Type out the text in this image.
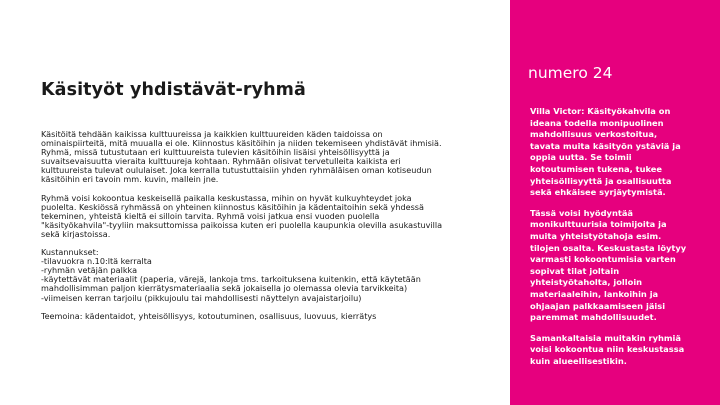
Käsityöt yhdistävät-ryhmä

Käsitöitä tehdään kaikissa kulttuureissa ja kaikkien kulttuureiden käden taidoissa on
ominaispiirteitä, mitä muualla ei ole. Kiinnostus käsitöihin ja niiden tekemiseen yhdistävät ihmisiä.
Ryhmä, missä tutustutaan eri kulttuureista tulevien käsitöihin lisäisi yhteisöllisyyttä ja
suvaitsevaisuutta vieraita kulttuureja kohtaan. Ryhmään olisivat tervetulleita kaikista eri
kulttuureista tulevat oululaiset. Joka kerralla tutustuttaisiin yhden ryhmäläisen oman kotiseudun
käsitöihin eri tavoin mm. kuvin, mallein jne.

Ryhmä voisi kokoontua keskeisellä paikalla keskustassa, mihin on hyvät kulkuyhteydet joka
puolelta. Keskiössä ryhmässä on yhteinen kiinnostus käsitöihin ja kädentaitoihin sekä yhdessä
tekeminen, yhteistä kieltä ei silloin tarvita. Ryhmä voisi jatkua ensi vuoden puolella
"käsityökahvila"-tyyliin maksuttomissa paikoissa kuten eri puolella kaupunkia olevilla asukastuvilla
sekä kirjastoissa.

Kustannukset:
-tilavuokra n.10:ltä kerralta
-ryhmän vetäjän palkka
-käytettävät materiaalit (paperia, värejä, lankoja tms. tarkoituksena kuitenkin, että käytetään
mahdollisimman paljon kierrätysmateriaalia sekä jokaisella jo olemassa olevia tarvikkeita)
-viimeisen kerran tarjoilu (pikkujoulu tai mahdollisesti näyttelyn avajaistarjoilu)

Teemoina: kädentaidot, yhteisöllisyys, kotoutuminen, osallisuus, luovuus, kierrätys

numero 24

Villa Victor: Käsityökahvila on
ideana todella monipuolinen
mahdollisuus verkostoitua,
tavata muita käsityön ystäviä ja
oppia uutta. Se toimii
kotoutumisen tukena, tukee
yhteisöllisyyttä ja osallisuutta
sekä ehkäisee syrjäytymistä.

Tässä voisi hyödyntää
monikulttuurisia toimijoita ja
muita yhteistyötahoja esim.
tilojen osalta. Keskustasta löytyy
varmasti kokoontumisia varten
sopivat tilat joltain
yhteistyötaholta, jolloin
materiaaleihin, lankoihin ja
ohjaajan palkkaamiseen jäisi
paremmat mahdollisuudet.

Samankaltaisia muitakin ryhmiä
voisi kokoontua niin keskustassa
kuin alueellisestikin.
